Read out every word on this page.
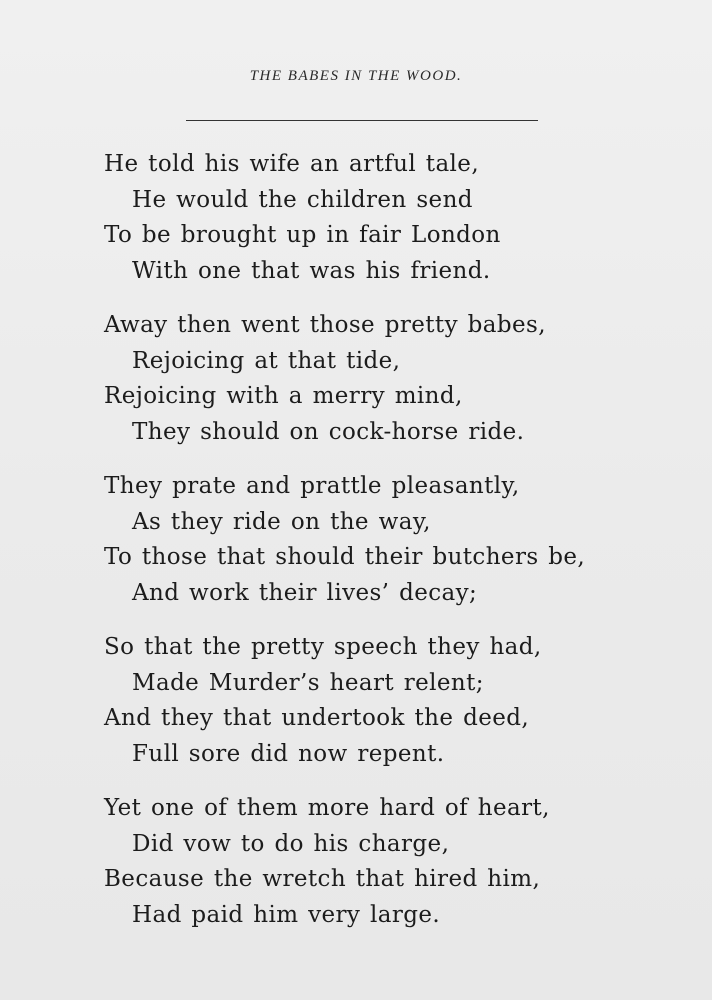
THE BABES IN THE WOOD.
He told his wife an artful tale,
He would the children send
To be brought up in fair London
With one that was his friend.
Away then went those pretty babes,
Rejoicing at that tide,
Rejoicing with a merry mind,
They should on cock-horse ride.
They prate and prattle pleasantly,
As they ride on the way,
To those that should their butchers be,
And work their lives’ decay;
So that the pretty speech they had,
Made Murder’s heart relent;
And they that undertook the deed,
Full sore did now repent.
Yet one of them more hard of heart,
Did vow to do his charge,
Because the wretch that hired him,
Had paid him very large.
